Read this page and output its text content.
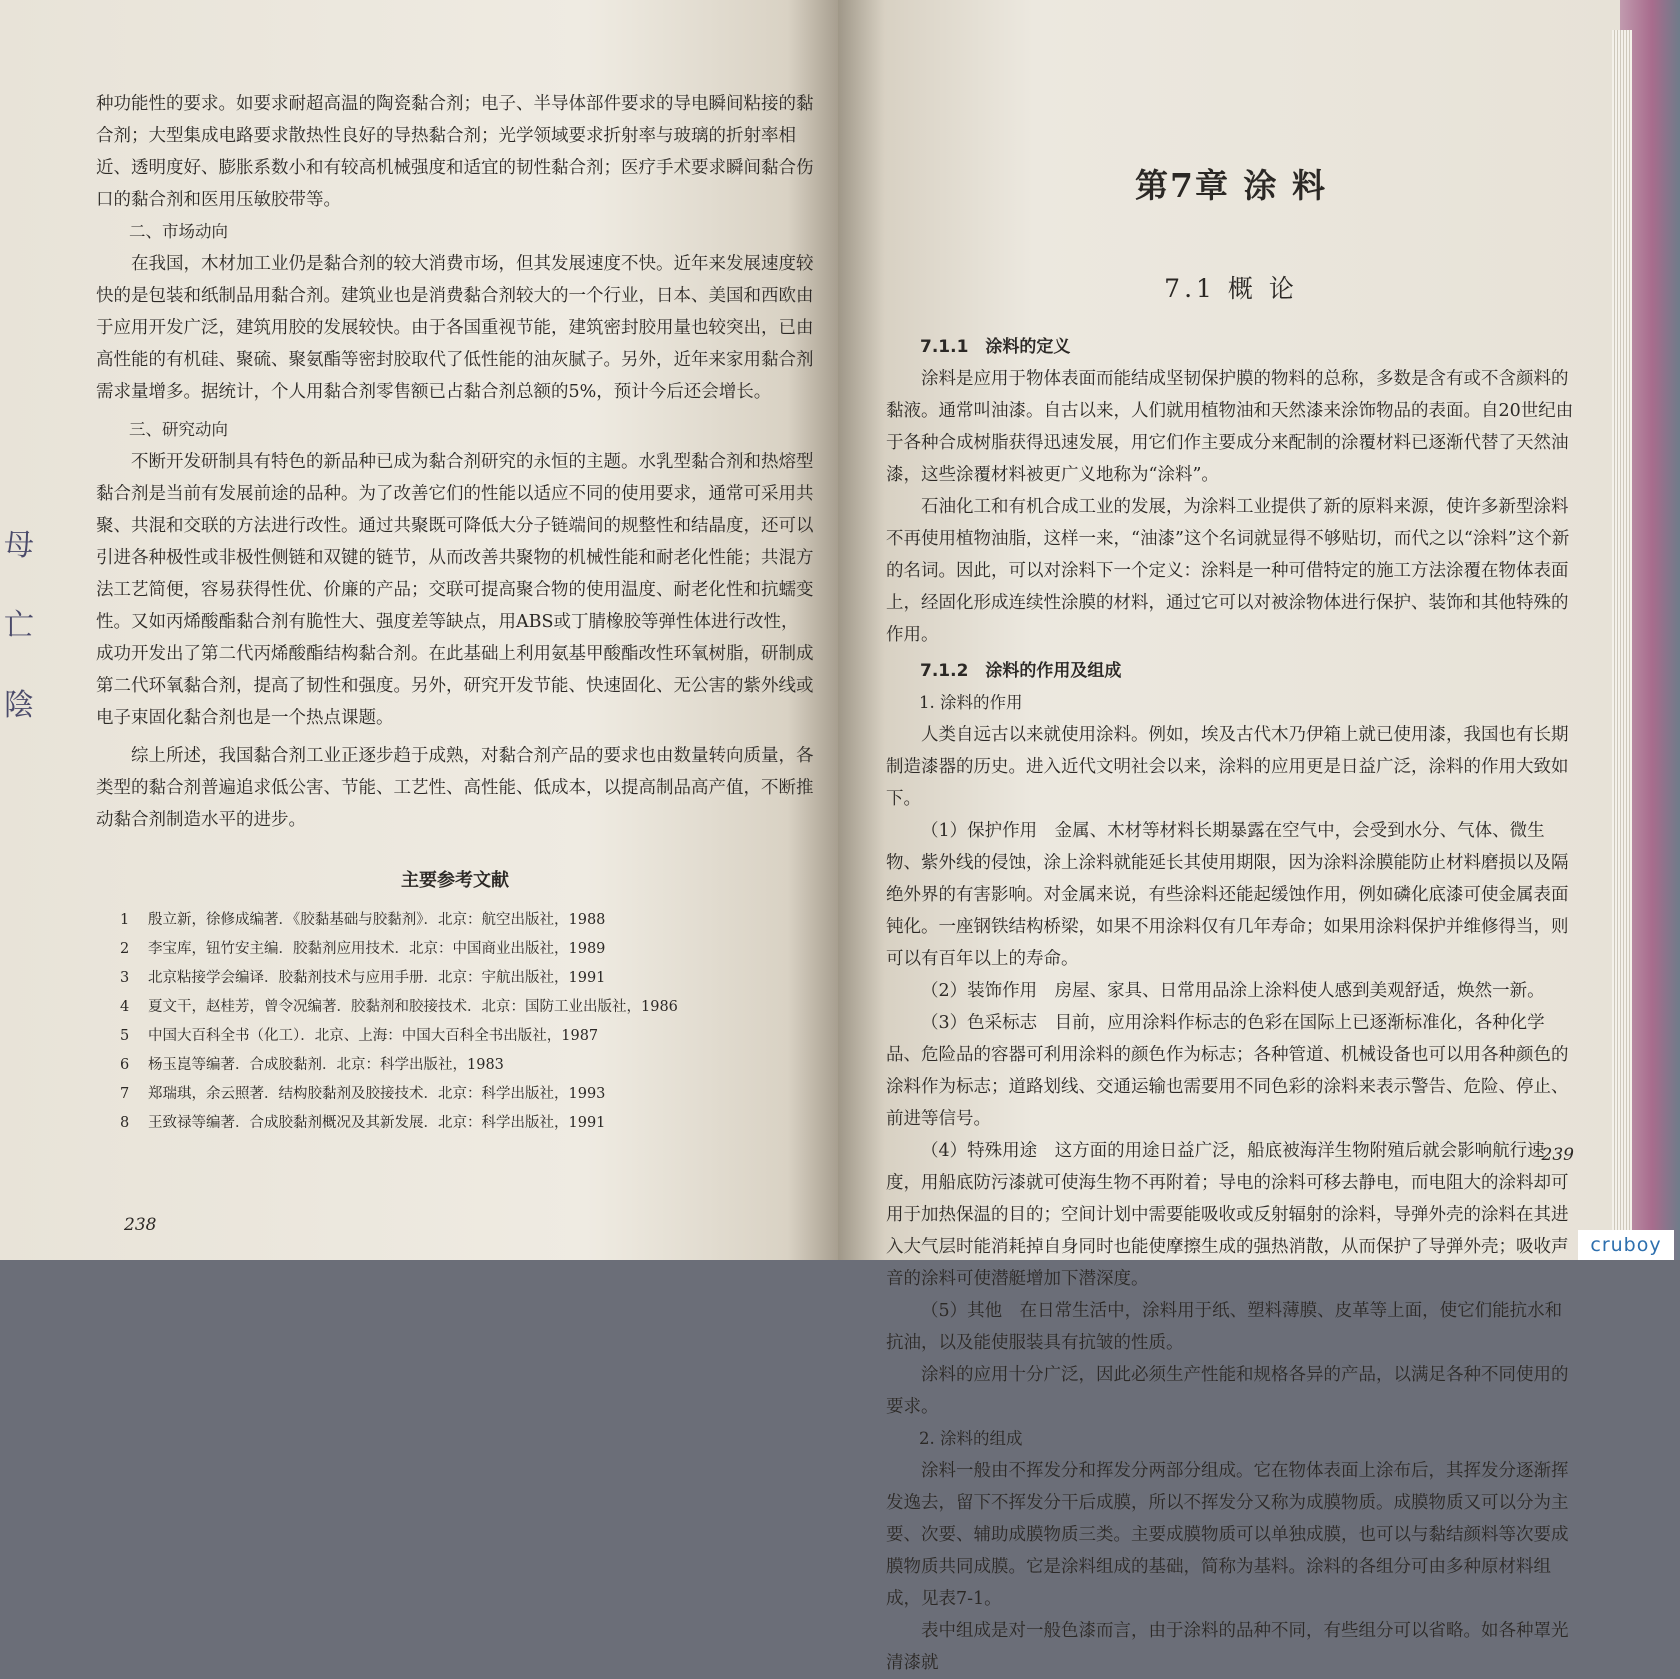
种功能性的要求。如要求耐超高温的陶瓷黏合剂；电子、半导体部件要求的导电瞬间粘接的黏合剂；大型集成电路要求散热性良好的导热黏合剂；光学领域要求折射率与玻璃的折射率相近、透明度好、膨胀系数小和有较高机械强度和适宜的韧性黏合剂；医疗手术要求瞬间黏合伤口的黏合剂和医用压敏胶带等。

二、市场动向

在我国，木材加工业仍是黏合剂的较大消费市场，但其发展速度不快。近年来发展速度较快的是包装和纸制品用黏合剂。建筑业也是消费黏合剂较大的一个行业，日本、美国和西欧由于应用开发广泛，建筑用胶的发展较快。由于各国重视节能，建筑密封胶用量也较突出，已由高性能的有机硅、聚硫、聚氨酯等密封胶取代了低性能的油灰腻子。另外，近年来家用黏合剂需求量增多。据统计，个人用黏合剂零售额已占黏合剂总额的5%，预计今后还会增长。

三、研究动向

不断开发研制具有特色的新品种已成为黏合剂研究的永恒的主题。水乳型黏合剂和热熔型黏合剂是当前有发展前途的品种。为了改善它们的性能以适应不同的使用要求，通常可采用共聚、共混和交联的方法进行改性。通过共聚既可降低大分子链端间的规整性和结晶度，还可以引进各种极性或非极性侧链和双键的链节，从而改善共聚物的机械性能和耐老化性能；共混方法工艺简便，容易获得性优、价廉的产品；交联可提高聚合物的使用温度、耐老化性和抗蠕变性。又如丙烯酸酯黏合剂有脆性大、强度差等缺点，用ABS或丁腈橡胶等弹性体进行改性，成功开发出了第二代丙烯酸酯结构黏合剂。在此基础上利用氨基甲酸酯改性环氧树脂，研制成第二代环氧黏合剂，提高了韧性和强度。另外，研究开发节能、快速固化、无公害的紫外线或电子束固化黏合剂也是一个热点课题。

综上所述，我国黏合剂工业正逐步趋于成熟，对黏合剂产品的要求也由数量转向质量，各类型的黏合剂普遍追求低公害、节能、工艺性、高性能、低成本，以提高制品高产值，不断推动黏合剂制造水平的进步。

主要参考文献

1 殷立新，徐修成编著．《胶黏基础与胶黏剂》．北京：航空出版社，1988

2 李宝库，钮竹安主编．胶黏剂应用技术．北京：中国商业出版社，1989

3 北京粘接学会编译．胶黏剂技术与应用手册．北京：宇航出版社，1991

4 夏文干，赵桂芳，曾令况编著．胶黏剂和胶接技术．北京：国防工业出版社，1986

5 中国大百科全书（化工）．北京、上海：中国大百科全书出版社，1987

6 杨玉崑等编著．合成胶黏剂．北京：科学出版社，1983

7 郑瑞琪，余云照著．结构胶黏剂及胶接技术．北京：科学出版社，1993

8 王致禄等编著．合成胶黏剂概况及其新发展．北京：科学出版社，1991

238
母
亡
陰
第7章 涂 料
7.1 概 论

7.1.1　涂料的定义

涂料是应用于物体表面而能结成坚韧保护膜的物料的总称，多数是含有或不含颜料的黏液。通常叫油漆。自古以来，人们就用植物油和天然漆来涂饰物品的表面。自20世纪由于各种合成树脂获得迅速发展，用它们作主要成分来配制的涂覆材料已逐渐代替了天然油漆，这些涂覆材料被更广义地称为“涂料”。

石油化工和有机合成工业的发展，为涂料工业提供了新的原料来源，使许多新型涂料不再使用植物油脂，这样一来，“油漆”这个名词就显得不够贴切，而代之以“涂料”这个新的名词。因此，可以对涂料下一个定义：涂料是一种可借特定的施工方法涂覆在物体表面上，经固化形成连续性涂膜的材料，通过它可以对被涂物体进行保护、装饰和其他特殊的作用。

7.1.2　涂料的作用及组成

1. 涂料的作用

人类自远古以来就使用涂料。例如，埃及古代木乃伊箱上就已使用漆，我国也有长期制造漆器的历史。进入近代文明社会以来，涂料的应用更是日益广泛，涂料的作用大致如下。

（1）保护作用　金属、木材等材料长期暴露在空气中，会受到水分、气体、微生物、紫外线的侵蚀，涂上涂料就能延长其使用期限，因为涂料涂膜能防止材料磨损以及隔绝外界的有害影响。对金属来说，有些涂料还能起缓蚀作用，例如磷化底漆可使金属表面钝化。一座钢铁结构桥梁，如果不用涂料仅有几年寿命；如果用涂料保护并维修得当，则可以有百年以上的寿命。

（2）装饰作用　房屋、家具、日常用品涂上涂料使人感到美观舒适，焕然一新。

（3）色采标志　目前，应用涂料作标志的色彩在国际上已逐渐标准化，各种化学品、危险品的容器可利用涂料的颜色作为标志；各种管道、机械设备也可以用各种颜色的涂料作为标志；道路划线、交通运输也需要用不同色彩的涂料来表示警告、危险、停止、前进等信号。

（4）特殊用途　这方面的用途日益广泛，船底被海洋生物附殖后就会影响航行速度，用船底防污漆就可使海生物不再附着；导电的涂料可移去静电，而电阻大的涂料却可用于加热保温的目的；空间计划中需要能吸收或反射辐射的涂料，导弹外壳的涂料在其进入大气层时能消耗掉自身同时也能使摩擦生成的强热消散，从而保护了导弹外壳；吸收声音的涂料可使潜艇增加下潜深度。

（5）其他　在日常生活中，涂料用于纸、塑料薄膜、皮革等上面，使它们能抗水和抗油，以及能使服装具有抗皱的性质。

涂料的应用十分广泛，因此必须生产性能和规格各异的产品，以满足各种不同使用的要求。

2. 涂料的组成

涂料一般由不挥发分和挥发分两部分组成。它在物体表面上涂布后，其挥发分逐渐挥发逸去，留下不挥发分干后成膜，所以不挥发分又称为成膜物质。成膜物质又可以分为主要、次要、辅助成膜物质三类。主要成膜物质可以单独成膜，也可以与黏结颜料等次要成膜物质共同成膜。它是涂料组成的基础，简称为基料。涂料的各组分可由多种原材料组成，见表7-1。

表中组成是对一般色漆而言，由于涂料的品种不同，有些组分可以省略。如各种罩光清漆就

239
cruboy
